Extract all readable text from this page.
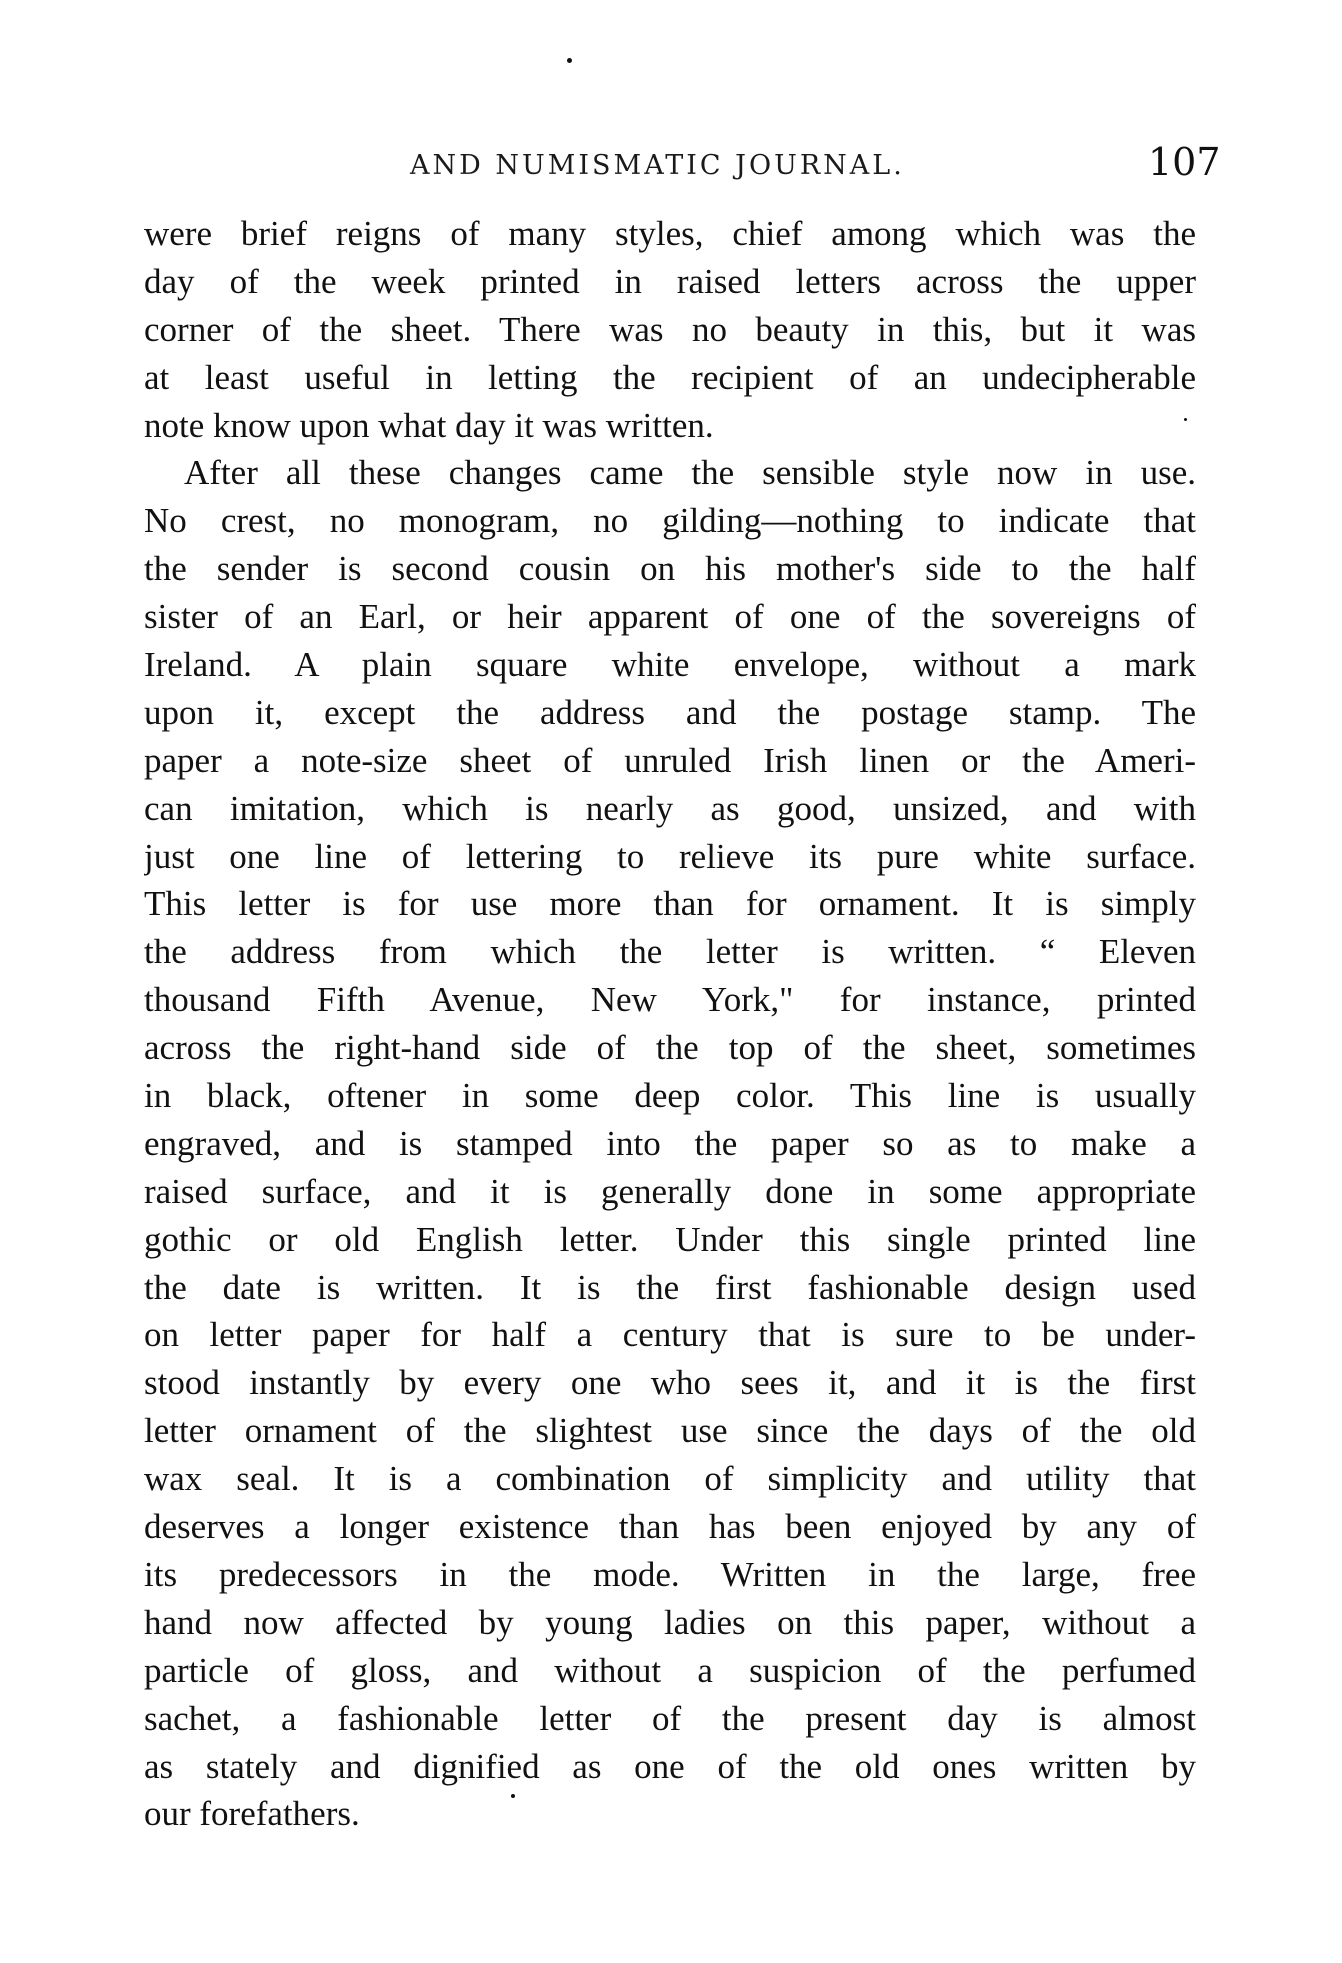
AND NUMISMATIC JOURNAL.	107
were brief reigns of many styles, chief among which was the
day of the week printed in raised letters across the upper
corner of the sheet. There was no beauty in this, but it was
at least useful in letting the recipient of an undecipherable
note know upon what day it was written.
After all these changes came the sensible style now in use.
No crest, no monogram, no gilding—nothing to indicate that
the sender is second cousin on his mother's side to the half
sister of an Earl, or heir apparent of one of the sovereigns of
Ireland. A plain square white envelope, without a mark
upon it, except the address and the postage stamp. The
paper a note-size sheet of unruled Irish linen or the Ameri-
can imitation, which is nearly as good, unsized, and with
just one line of lettering to relieve its pure white surface.
This letter is for use more than for ornament. It is simply
the address from which the letter is written. “ Eleven
thousand Fifth Avenue, New York," for instance, printed
across the right-hand side of the top of the sheet, sometimes
in black, oftener in some deep color. This line is usually
engraved, and is stamped into the paper so as to make a
raised surface, and it is generally done in some appropriate
gothic or old English letter. Under this single printed line
the date is written. It is the first fashionable design used
on letter paper for half a century that is sure to be under-
stood instantly by every one who sees it, and it is the first
letter ornament of the slightest use since the days of the old
wax seal. It is a combination of simplicity and utility that
deserves a longer existence than has been enjoyed by any of
its predecessors in the mode. Written in the large, free
hand now affected by young ladies on this paper, without a
particle of gloss, and without a suspicion of the perfumed
sachet, a fashionable letter of the present day is almost
as stately and dignified as one of the old ones written by
our forefathers.
